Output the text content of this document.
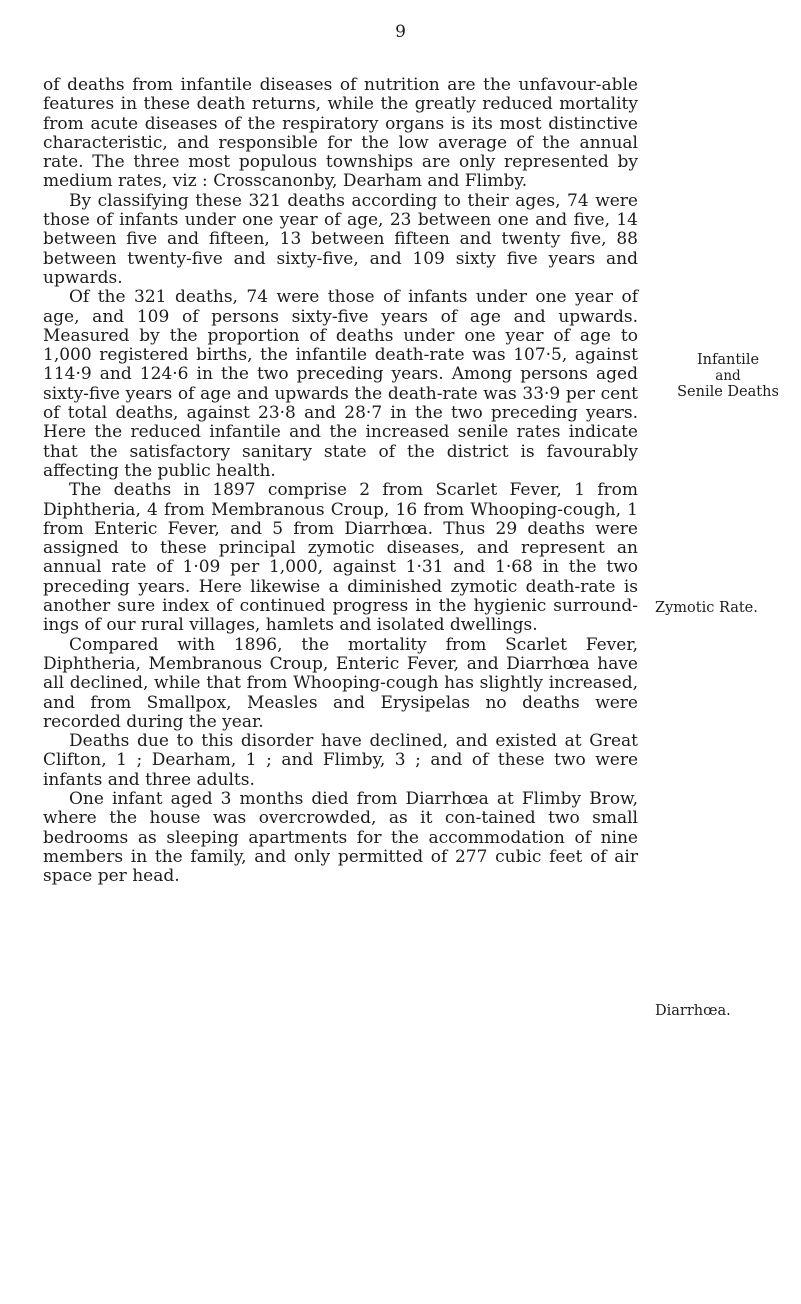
9

of deaths from infantile diseases of nutrition are the unfavour-able features in these death returns, while the greatly reduced mortality from acute diseases of the respiratory organs is its most distinctive characteristic, and responsible for the low average of the annual rate. The three most populous townships are only represented by medium rates, viz : Crosscanonby, Dearham and Flimby.

By classifying these 321 deaths according to their ages, 74 were those of infants under one year of age, 23 between one and five, 14 between five and fifteen, 13 between fifteen and twenty five, 88 between twenty-five and sixty-five, and 109 sixty five years and upwards.

Of the 321 deaths, 74 were those of infants under one year of age, and 109 of persons sixty-five years of age and upwards. Measured by the proportion of deaths under one year of age to 1,000 registered births, the infantile death-rate was 107·5, against 114·9 and 124·6 in the two preceding years. Among persons aged sixty-five years of age and upwards the death-rate was 33·9 per cent of total deaths, against 23·8 and 28·7 in the two preceding years. Here the reduced infantile and the increased senile rates indicate that the satisfactory sanitary state of the district is favourably affecting the public health.

The deaths in 1897 comprise 2 from Scarlet Fever, 1 from Diphtheria, 4 from Membranous Croup, 16 from Whooping-cough, 1 from Enteric Fever, and 5 from Diarrhœa. Thus 29 deaths were assigned to these principal zymotic diseases, and represent an annual rate of 1·09 per 1,000, against 1·31 and 1·68 in the two preceding years. Here likewise a diminished zymotic death-rate is another sure index of continued progress in the hygienic surround-ings of our rural villages, hamlets and isolated dwellings.

Compared with 1896, the mortality from Scarlet Fever, Diphtheria, Membranous Croup, Enteric Fever, and Diarrhœa have all declined, while that from Whooping-cough has slightly increased, and from Smallpox, Measles and Erysipelas no deaths were recorded during the year.

Deaths due to this disorder have declined, and existed at Great Clifton, 1 ; Dearham, 1 ; and Flimby, 3 ; and of these two were infants and three adults.

One infant aged 3 months died from Diarrhœa at Flimby Brow, where the house was overcrowded, as it con-tained two small bedrooms as sleeping apartments for the accommodation of nine members in the family, and only permitted of 277 cubic feet of air space per head.

Infantile
and
Senile Deaths
Zymotic Rate.
Diarrhœa.
